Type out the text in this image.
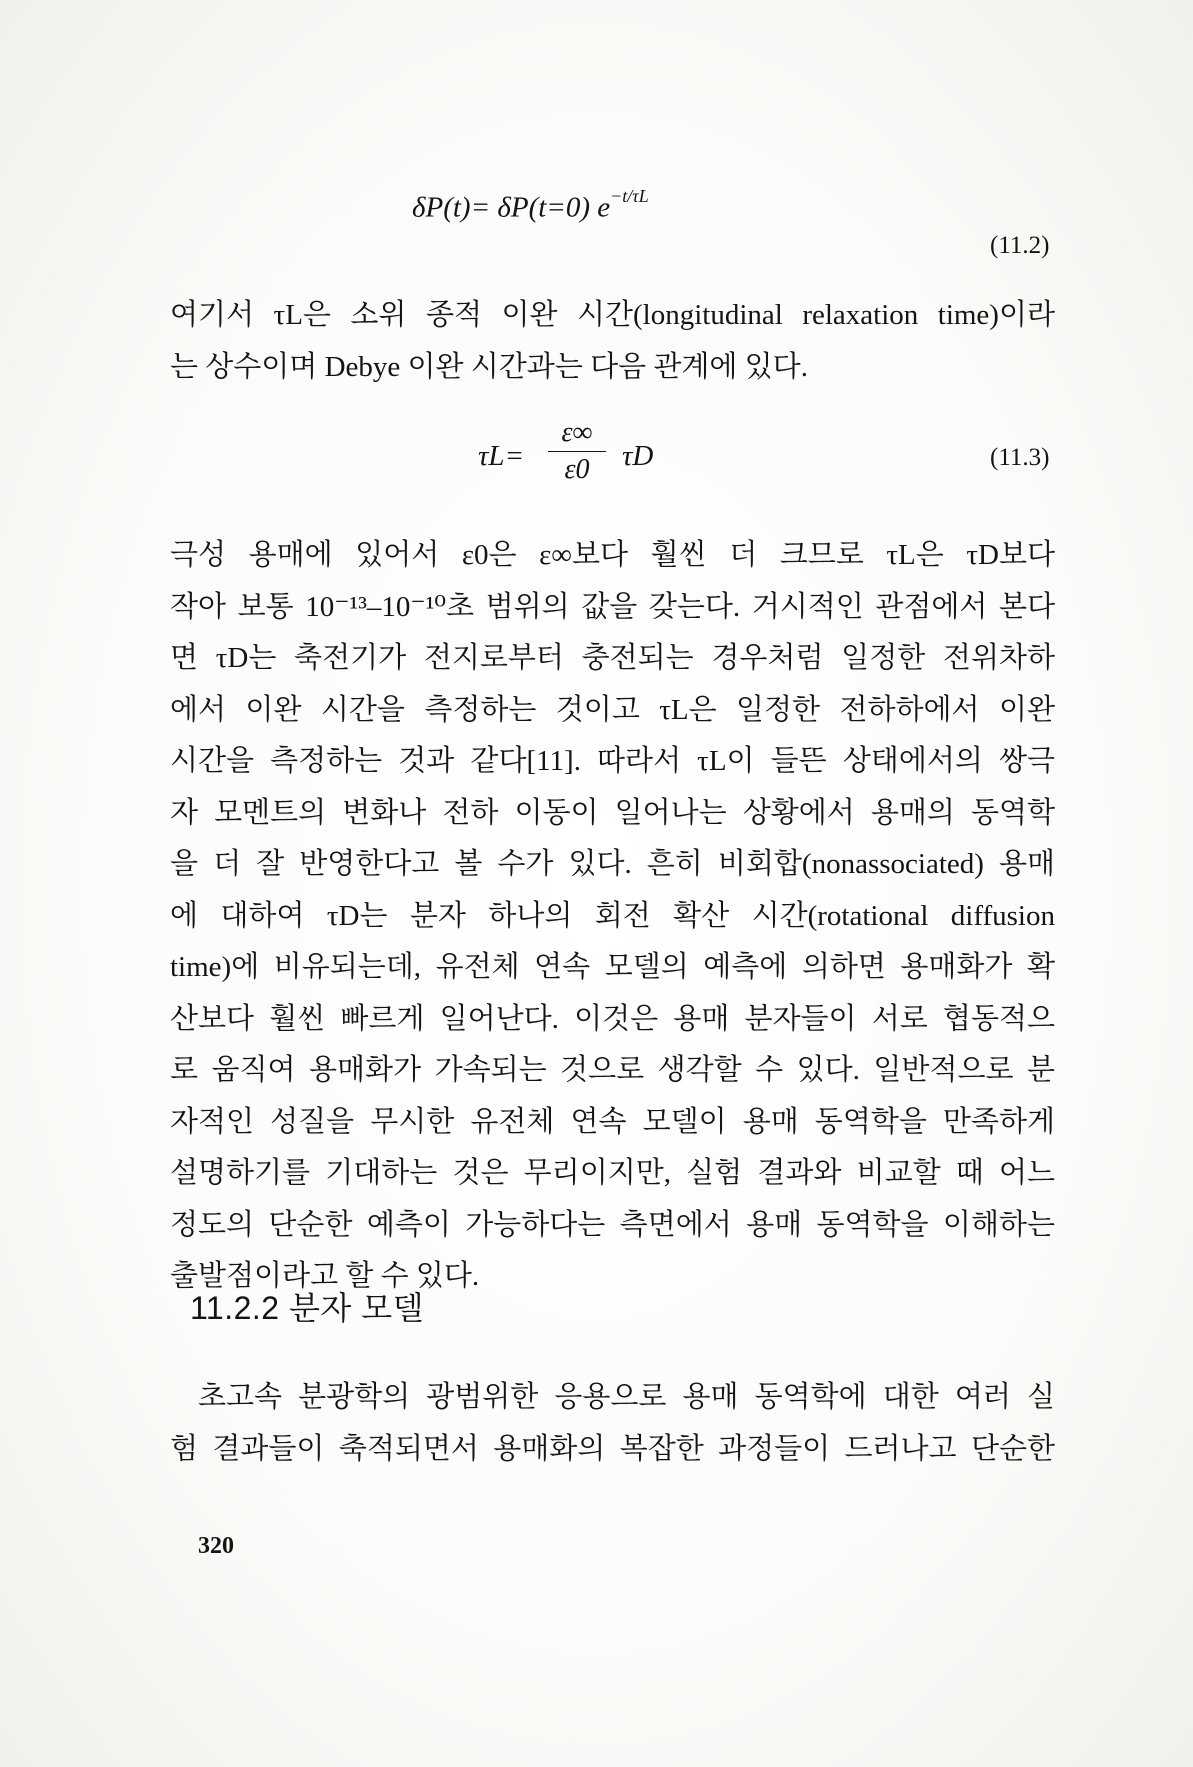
δP(t)= δP(t=0) $e^{-t/\tau L}$
(11.2)
여기서 τL은 소위 종적 이완 시간(longitudinal relaxation time)이라
는 상수이며 Debye 이완 시간과는 다음 관계에 있다.
τL=
ε∞
ε0	τD	(11.3)
극성 용매에 있어서 ε0은 ε∞보다 훨씬 더 크므로 τL은 τD보다
작아 보통 10⁻¹³–10⁻¹⁰초 범위의 값을 갖는다. 거시적인 관점에서 본다
면 τD는 축전기가 전지로부터 충전되는 경우처럼 일정한 전위차하
에서 이완 시간을 측정하는 것이고 τL은 일정한 전하하에서 이완
시간을 측정하는 것과 같다[11]. 따라서 τL이 들뜬 상태에서의 쌍극
자 모멘트의 변화나 전하 이동이 일어나는 상황에서 용매의 동역학
을 더 잘 반영한다고 볼 수가 있다. 흔히 비회합(nonassociated) 용매
에 대하여 τD는 분자 하나의 회전 확산 시간(rotational diffusion
time)에 비유되는데, 유전체 연속 모델의 예측에 의하면 용매화가 확
산보다 훨씬 빠르게 일어난다. 이것은 용매 분자들이 서로 협동적으
로 움직여 용매화가 가속되는 것으로 생각할 수 있다. 일반적으로 분
자적인 성질을 무시한 유전체 연속 모델이 용매 동역학을 만족하게
설명하기를 기대하는 것은 무리이지만, 실험 결과와 비교할 때 어느
정도의 단순한 예측이 가능하다는 측면에서 용매 동역학을 이해하는
출발점이라고 할 수 있다.
11.2.2 분자 모델
초고속 분광학의 광범위한 응용으로 용매 동역학에 대한 여러 실
험 결과들이 축적되면서 용매화의 복잡한 과정들이 드러나고 단순한
320
